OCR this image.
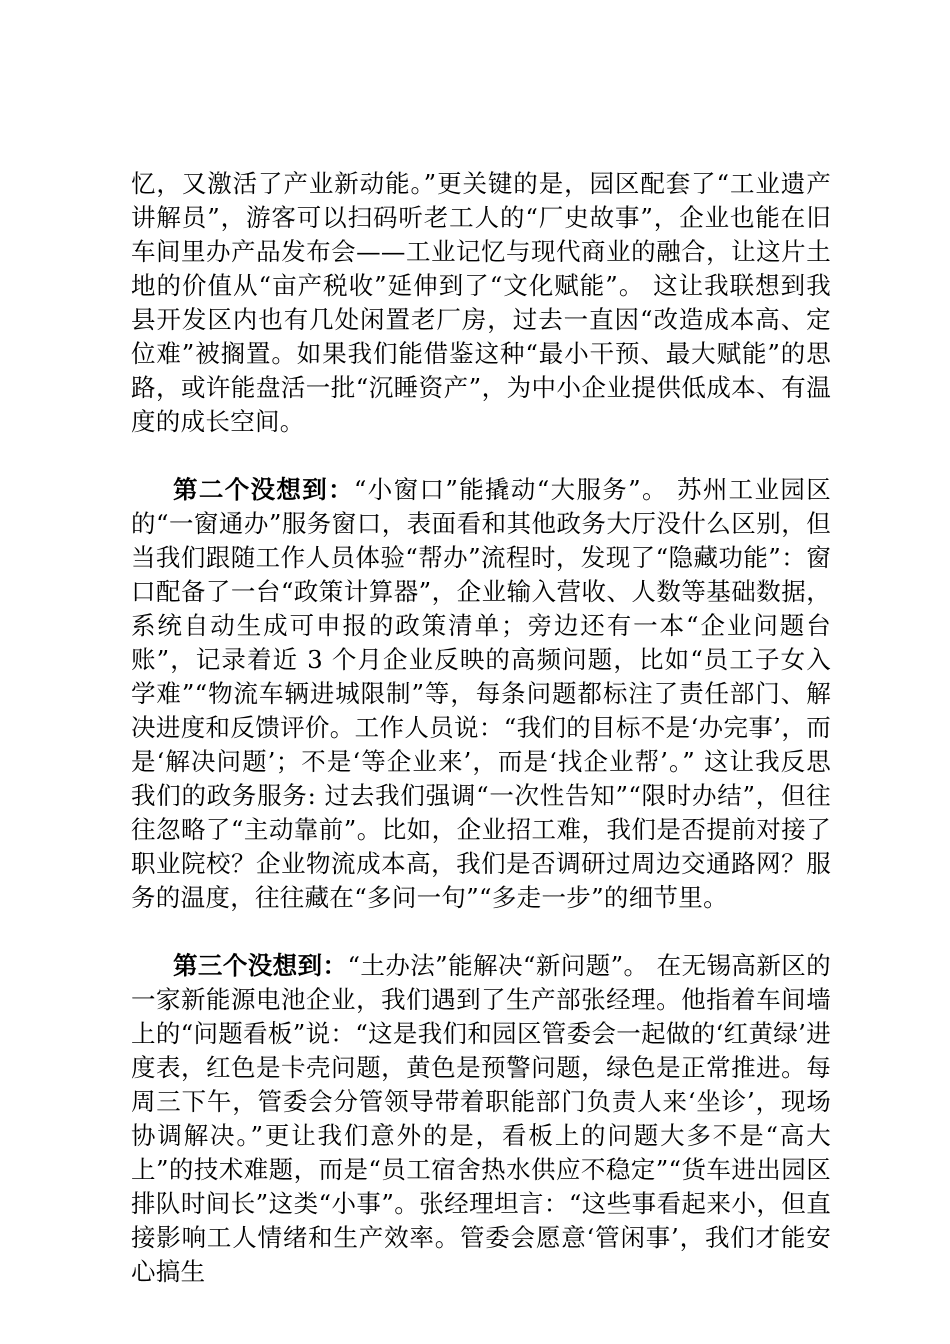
忆，又激活了产业新动能。”更关键的是，园区配套了“工业遗产讲解员”，游客可以扫码听老工人的“厂史故事”，企业也能在旧车间里办产品发布会——工业记忆与现代商业的融合，让这片土地的价值从“亩产税收”延伸到了“文化赋能”。 这让我联想到我县开发区内也有几处闲置老厂房，过去一直因“改造成本高、定位难”被搁置。如果我们能借鉴这种“最小干预、最大赋能”的思路，或许能盘活一批“沉睡资产”，为中小企业提供低成本、有温度的成长空间。

第二个没想到：“小窗口”能撬动“大服务”。 苏州工业园区的“一窗通办”服务窗口，表面看和其他政务大厅没什么区别，但当我们跟随工作人员体验“帮办”流程时，发现了“隐藏功能”：窗口配备了一台“政策计算器”，企业输入营收、人数等基础数据，系统自动生成可申报的政策清单；旁边还有一本“企业问题台账”，记录着近 3 个月企业反映的高频问题，比如“员工子女入学难”“物流车辆进城限制”等，每条问题都标注了责任部门、解决进度和反馈评价。工作人员说：“我们的目标不是‘办完事’，而是‘解决问题’；不是‘等企业来’，而是‘找企业帮’。” 这让我反思我们的政务服务: 过去我们强调“一次性告知”“限时办结”，但往往忽略了“主动靠前”。比如，企业招工难，我们是否提前对接了职业院校？企业物流成本高，我们是否调研过周边交通路网？服务的温度，往往藏在“多问一句”“多走一步”的细节里。

第三个没想到：“土办法”能解决“新问题”。 在无锡高新区的一家新能源电池企业，我们遇到了生产部张经理。他指着车间墙上的“问题看板”说：“这是我们和园区管委会一起做的‘红黄绿’进度表，红色是卡壳问题，黄色是预警问题，绿色是正常推进。每周三下午，管委会分管领导带着职能部门负责人来‘坐诊’，现场协调解决。”更让我们意外的是，看板上的问题大多不是“高大上”的技术难题，而是“员工宿舍热水供应不稳定”“货车进出园区排队时间长”这类“小事”。张经理坦言：“这些事看起来小，但直接影响工人情绪和生产效率。管委会愿意‘管闲事’，我们才能安心搞生
